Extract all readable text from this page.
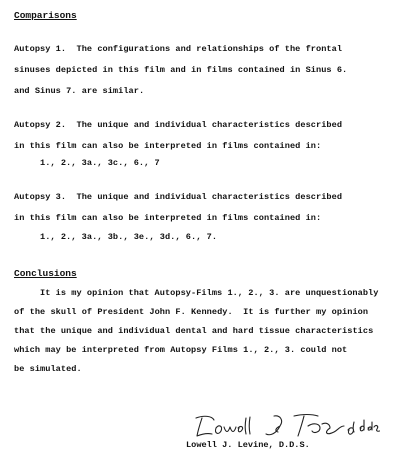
Comparisons
Autopsy 1.  The configurations and relationships of the frontal
sinuses depicted in this film and in films contained in Sinus 6.
and Sinus 7. are similar.
Autopsy 2.  The unique and individual characteristics described
in this film can also be interpreted in films contained in:
1., 2., 3a., 3c., 6., 7
Autopsy 3.  The unique and individual characteristics described
in this film can also be interpreted in films contained in:
1., 2., 3a., 3b., 3e., 3d., 6., 7.
Conclusions
It is my opinion that Autopsy-Films 1., 2., 3. are unquestionably
of the skull of President John F. Kennedy.  It is further my opinion
that the unique and individual dental and hard tissue characteristics
which may be interpreted from Autopsy Films 1., 2., 3. could not
be simulated.
Lowell J. Levine, D.D.S.
